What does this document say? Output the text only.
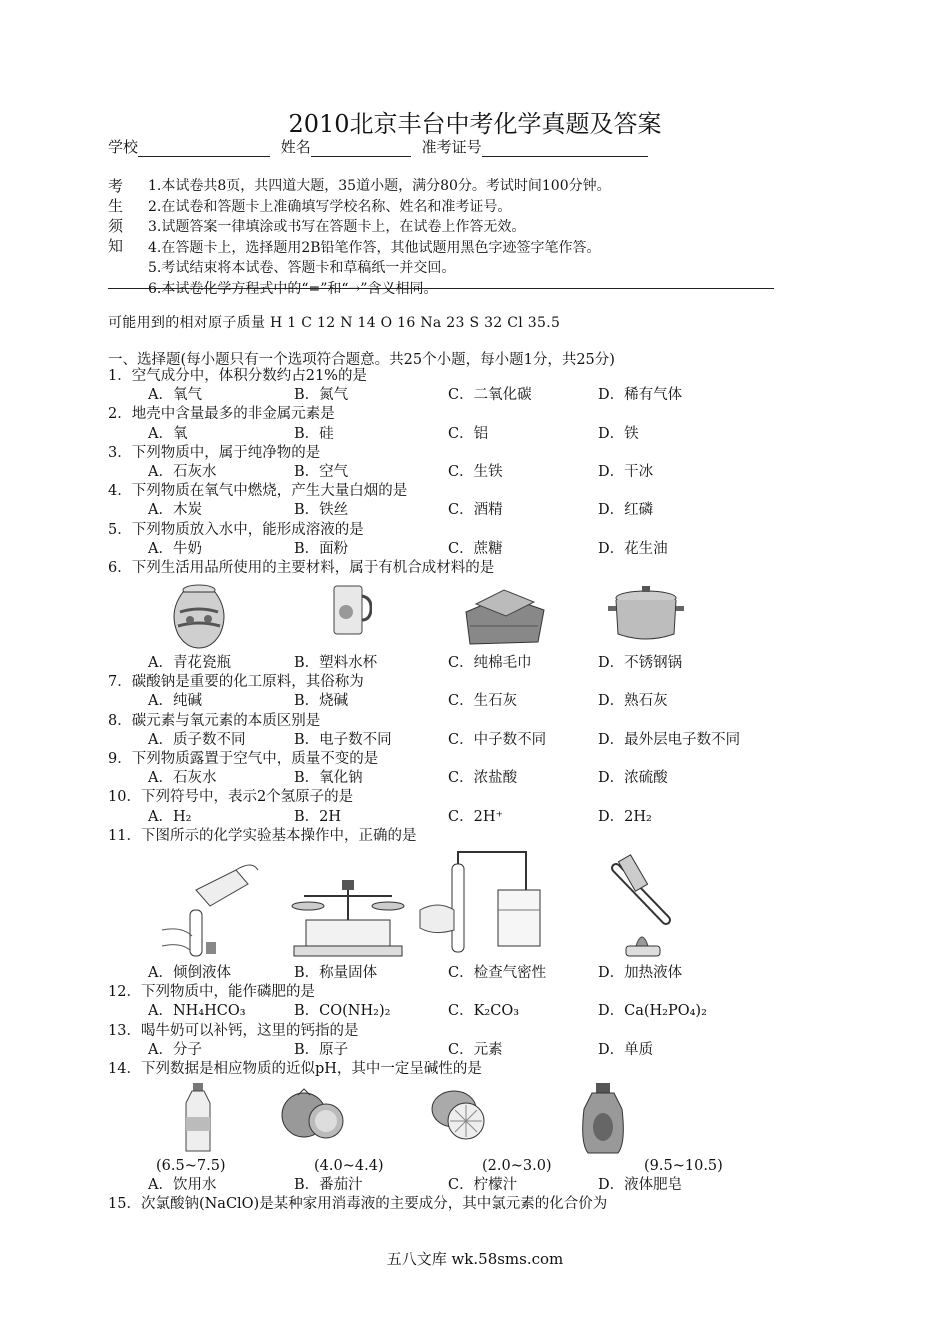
2010北京丰台中考化学真题及答案
学校	姓名	准考证号
考
生
须
知
1.本试卷共8页，共四道大题，35道小题，满分80分。考试时间100分钟。
2.在试卷和答题卡上准确填写学校名称、姓名和准考证号。
3.试题答案一律填涂或书写在答题卡上，在试卷上作答无效。
4.在答题卡上，选择题用2B铅笔作答，其他试题用黑色字迹签字笔作答。
5.考试结束将本试卷、答题卡和草稿纸一并交回。
6.本试卷化学方程式中的“=”和“→”含义相同。
可能用到的相对原子质量 H 1 C 12 N 14 O 16 Na 23 S 32 Cl 35.5
一、选择题(每小题只有一个选项符合题意。共25个小题，每小题1分，共25分)
1．空气成分中，体积分数约占21%的是
A．氧气	B．氮气	C．二氧化碳	D．稀有气体
2．地壳中含量最多的非金属元素是
A．氧	B．硅	C．铝	D．铁
3．下列物质中，属于纯净物的是
A．石灰水	B．空气	C．生铁	D．干冰
4．下列物质在氧气中燃烧，产生大量白烟的是
A．木炭	B．铁丝	C．酒精	D．红磷
5．下列物质放入水中，能形成溶液的是
A．牛奶	B．面粉	C．蔗糖	D．花生油
6．下列生活用品所使用的主要材料，属于有机合成材料的是
A．青花瓷瓶	B．塑料水杯	C．纯棉毛巾	D．不锈钢锅
7．碳酸钠是重要的化工原料，其俗称为
A．纯碱	B．烧碱	C．生石灰	D．熟石灰
8．碳元素与氧元素的本质区别是
A．质子数不同	B．电子数不同	C．中子数不同	D．最外层电子数不同
9．下列物质露置于空气中，质量不变的是
A．石灰水	B．氧化钠	C．浓盐酸	D．浓硫酸
10．下列符号中，表示2个氢原子的是
A．H₂	B．2H	C．2H⁺	D．2H₂
11．下图所示的化学实验基本操作中，正确的是
A．倾倒液体	B．称量固体	C．检查气密性	D．加热液体
12．下列物质中，能作磷肥的是
A．NH₄HCO₃	B．CO(NH₂)₂	C．K₂CO₃	D．Ca(H₂PO₄)₂
13．喝牛奶可以补钙，这里的钙指的是
A．分子	B．原子	C．元素	D．单质
14．下列数据是相应物质的近似pH，其中一定呈碱性的是
(6.5~7.5)	(4.0~4.4)	(2.0~3.0)	(9.5~10.5)
A．饮用水	B．番茄汁	C．柠檬汁	D．液体肥皂
15．次氯酸钠(NaClO)是某种家用消毒液的主要成分，其中氯元素的化合价为
五八文库 wk.58sms.com
